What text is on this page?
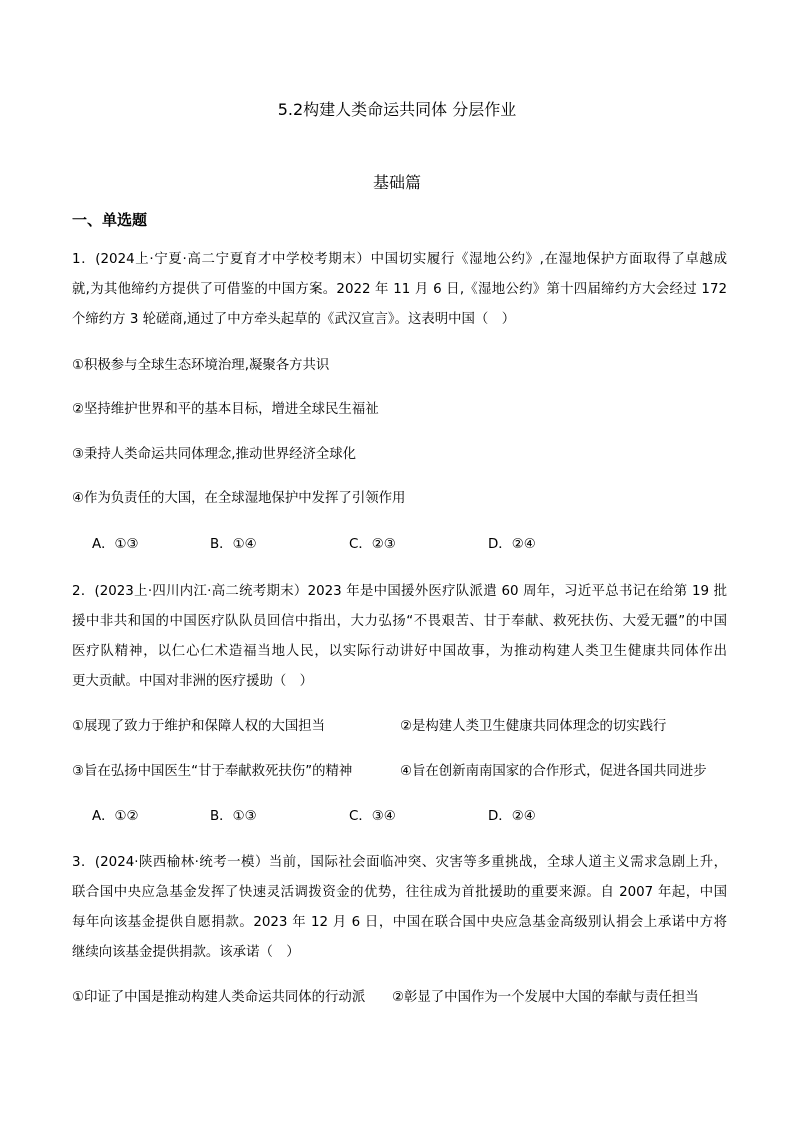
5.2构建人类命运共同体 分层作业
基础篇
一、单选题
1．(2024上·宁夏·高二宁夏育才中学校考期末）中国切实履行《湿地公约》,在湿地保护方面取得了卓越成
就,为其他缔约方提供了可借鉴的中国方案。2022 年 11 月 6 日,《湿地公约》第十四届缔约方大会经过 172
个缔约方 3 轮磋商,通过了中方牵头起草的《武汉宣言》。这表明中国（　）
①积极参与全球生态环境治理,凝聚各方共识
②坚持维护世界和平的基本目标，增进全球民生福祉
③秉持人类命运共同体理念,推动世界经济全球化
④作为负责任的大国，在全球湿地保护中发挥了引领作用
A．①③	B．①④	C．②③	D．②④
2．(2023上·四川内江·高二统考期末）2023 年是中国援外医疗队派遣 60 周年，习近平总书记在给第 19 批
援中非共和国的中国医疗队队员回信中指出，大力弘扬“不畏艰苦、甘于奉献、救死扶伤、大爱无疆”的中国
医疗队精神，以仁心仁术造福当地人民，以实际行动讲好中国故事，为推动构建人类卫生健康共同体作出
更大贡献。中国对非洲的医疗援助（　）
①展现了致力于维护和保障人权的大国担当	②是构建人类卫生健康共同体理念的切实践行
③旨在弘扬中国医生“甘于奉献救死扶伤”的精神	④旨在创新南南国家的合作形式，促进各国共同进步
A．①②	B．①③	C．③④	D．②④
3．(2024·陕西榆林·统考一模）当前，国际社会面临冲突、灾害等多重挑战，全球人道主义需求急剧上升，
联合国中央应急基金发挥了快速灵活调拨资金的优势，往往成为首批援助的重要来源。自 2007 年起，中国
每年向该基金提供自愿捐款。2023 年 12 月 6 日，中国在联合国中央应急基金高级别认捐会上承诺中方将
继续向该基金提供捐款。该承诺（　）
①印证了中国是推动构建人类命运共同体的行动派 ②彰显了中国作为一个发展中大国的奉献与责任担当
